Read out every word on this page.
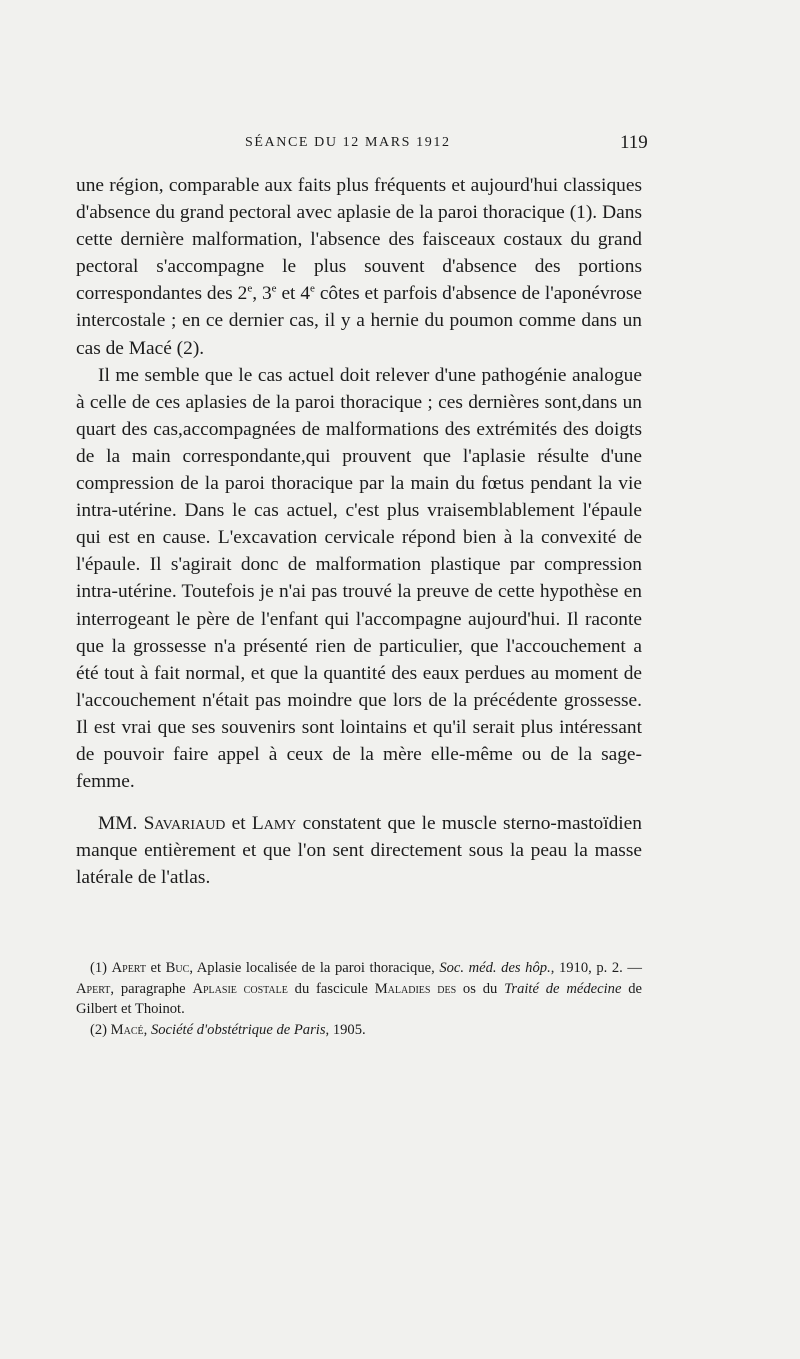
SÉANCE DU 12 MARS 1912	119

une région, comparable aux faits plus fréquents et aujourd'hui classiques d'absence du grand pectoral avec aplasie de la paroi thoracique (1). Dans cette dernière malformation, l'absence des faisceaux costaux du grand pectoral s'accompagne le plus souvent d'absence des portions correspondantes des 2e, 3e et 4e côtes et parfois d'absence de l'aponévrose intercostale ; en ce dernier cas, il y a hernie du poumon comme dans un cas de Macé (2).

Il me semble que le cas actuel doit relever d'une pathogénie analogue à celle de ces aplasies de la paroi thoracique ; ces dernières sont,dans un quart des cas,accompagnées de malformations des extrémités des doigts de la main correspondante,qui prouvent que l'aplasie résulte d'une compression de la paroi thoracique par la main du fœtus pendant la vie intra-utérine. Dans le cas actuel, c'est plus vraisemblablement l'épaule qui est en cause. L'excavation cervicale répond bien à la convexité de l'épaule. Il s'agirait donc de malformation plastique par compression intra-utérine. Toutefois je n'ai pas trouvé la preuve de cette hypothèse en interrogeant le père de l'enfant qui l'accompagne aujourd'hui. Il raconte que la grossesse n'a présenté rien de particulier, que l'accouchement a été tout à fait normal, et que la quantité des eaux perdues au moment de l'accouchement n'était pas moindre que lors de la précédente grossesse. Il est vrai que ses souvenirs sont lointains et qu'il serait plus intéressant de pouvoir faire appel à ceux de la mère elle-même ou de la sage-femme.

MM. Savariaud et Lamy constatent que le muscle sterno-mastoïdien manque entièrement et que l'on sent directement sous la peau la masse latérale de l'atlas.

(1) Apert et Buc, Aplasie localisée de la paroi thoracique, Soc. méd. des hôp., 1910, p. 2. — Apert, paragraphe Aplasie costale du fascicule Maladies des os du Traité de médecine de Gilbert et Thoinot.

(2) Macé, Société d'obstétrique de Paris, 1905.
